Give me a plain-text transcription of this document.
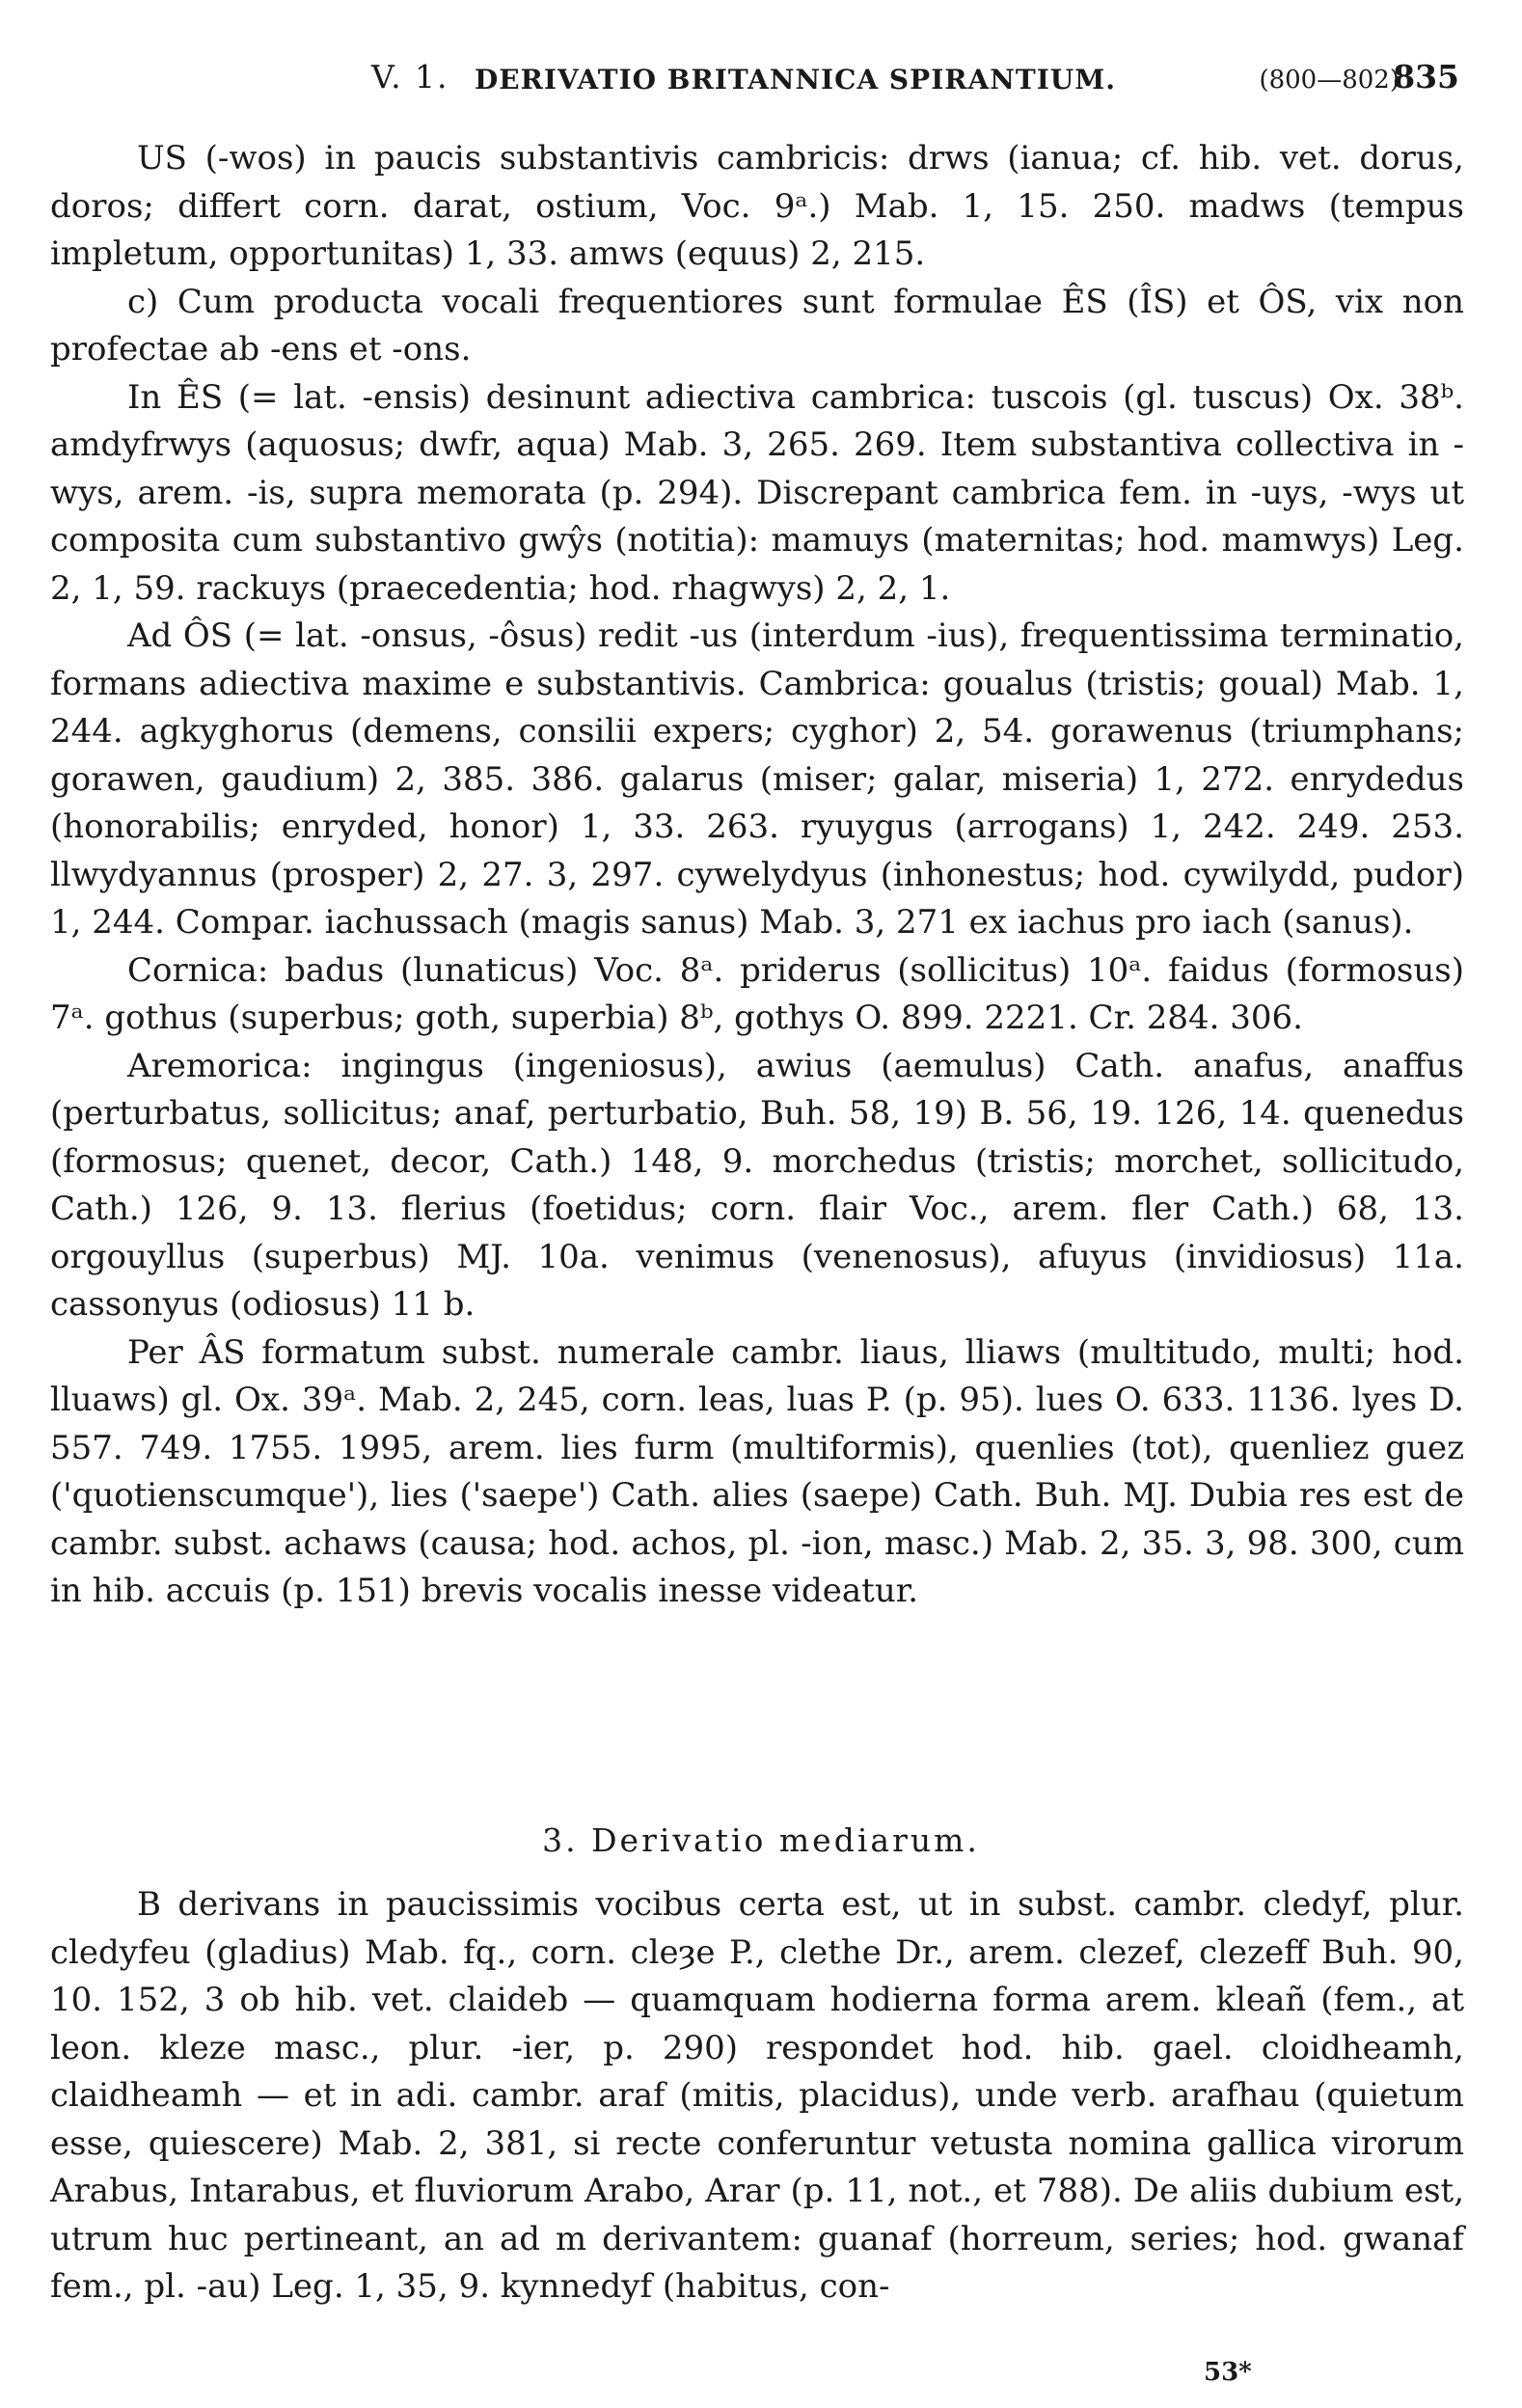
V. 1. DERIVATIO BRITANNICA SPIRANTIUM.	(800—802)
835

US (-wos) in paucis substantivis cambricis: drws (ianua; cf. hib. vet. dorus, doros; differt corn. darat, ostium, Voc. 9ᵃ.) Mab. 1, 15. 250. madws (tempus impletum, opportunitas) 1, 33. amws (equus) 2, 215.

c) Cum producta vocali frequentiores sunt formulae ÊS (ÎS) et ÔS, vix non profectae ab -ens et -ons.

In ÊS (= lat. -ensis) desinunt adiectiva cambrica: tuscois (gl. tuscus) Ox. 38ᵇ. amdyfrwys (aquosus; dwfr, aqua) Mab. 3, 265. 269. Item substantiva collectiva in -wys, arem. -is, supra memorata (p. 294). Discrepant cambrica fem. in -uys, -wys ut composita cum substantivo gwŷs (notitia): mamuys (maternitas; hod. mamwys) Leg. 2, 1, 59. rackuys (praecedentia; hod. rhagwys) 2, 2, 1.

Ad ÔS (= lat. -onsus, -ôsus) redit -us (interdum -ius), frequentissima terminatio, formans adiectiva maxime e substantivis. Cambrica: goualus (tristis; goual) Mab. 1, 244. agkyghorus (demens, consilii expers; cyghor) 2, 54. gorawenus (triumphans; gorawen, gaudium) 2, 385. 386. galarus (miser; galar, miseria) 1, 272. enrydedus (honorabilis; enryded, honor) 1, 33. 263. ryuygus (arrogans) 1, 242. 249. 253. llwydyannus (prosper) 2, 27. 3, 297. cywelydyus (inhonestus; hod. cywilydd, pudor) 1, 244. Compar. iachussach (magis sanus) Mab. 3, 271 ex iachus pro iach (sanus).

Cornica: badus (lunaticus) Voc. 8ᵃ. priderus (sollicitus) 10ᵃ. faidus (formosus) 7ᵃ. gothus (superbus; goth, superbia) 8ᵇ, gothys O. 899. 2221. Cr. 284. 306.

Aremorica: ingingus (ingeniosus), awius (aemulus) Cath. anafus, anaffus (perturbatus, sollicitus; anaf, perturbatio, Buh. 58, 19) B. 56, 19. 126, 14. quenedus (formosus; quenet, decor, Cath.) 148, 9. morchedus (tristis; morchet, sollicitudo, Cath.) 126, 9. 13. flerius (foetidus; corn. flair Voc., arem. fler Cath.) 68, 13. orgouyllus (superbus) MJ. 10a. venimus (venenosus), afuyus (invidiosus) 11a. cassonyus (odiosus) 11 b.

Per ÂS formatum subst. numerale cambr. liaus, lliaws (multitudo, multi; hod. lluaws) gl. Ox. 39ᵃ. Mab. 2, 245, corn. leas, luas P. (p. 95). lues O. 633. 1136. lyes D. 557. 749. 1755. 1995, arem. lies furm (multiformis), quenlies (tot), quenliez guez ('quotienscumque'), lies ('saepe') Cath. alies (saepe) Cath. Buh. MJ. Dubia res est de cambr. subst. achaws (causa; hod. achos, pl. -ion, masc.) Mab. 2, 35. 3, 98. 300, cum in hib. accuis (p. 151) brevis vocalis inesse videatur.

3. Derivatio mediarum.

B derivans in paucissimis vocibus certa est, ut in subst. cambr. cledyf, plur. cledyfeu (gladius) Mab. fq., corn. cleȝe P., clethe Dr., arem. clezef, clezeff Buh. 90, 10. 152, 3 ob hib. vet. claideb — quamquam hodierna forma arem. kleañ (fem., at leon. kleze masc., plur. -ier, p. 290) respondet hod. hib. gael. cloidheamh, claidheamh — et in adi. cambr. araf (mitis, placidus), unde verb. arafhau (quietum esse, quiescere) Mab. 2, 381, si recte conferuntur vetusta nomina gallica virorum Arabus, Intarabus, et fluviorum Arabo, Arar (p. 11, not., et 788). De aliis dubium est, utrum huc pertineant, an ad m derivantem: guanaf (horreum, series; hod. gwanaf fem., pl. -au) Leg. 1, 35, 9. kynnedyf (habitus, con-

53*
